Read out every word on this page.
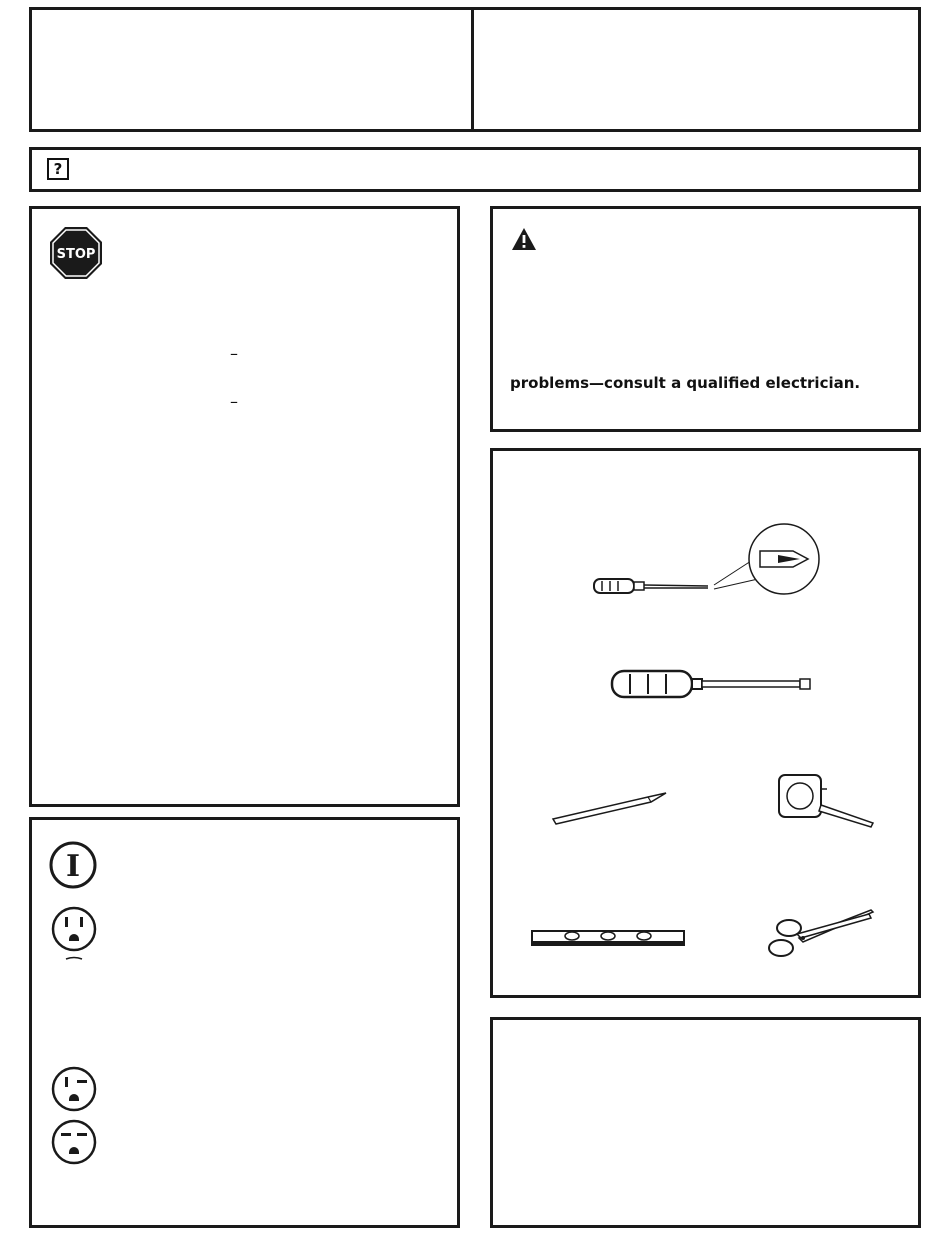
?
STOP
–
–
I
problems—consult a qualified electrician.
